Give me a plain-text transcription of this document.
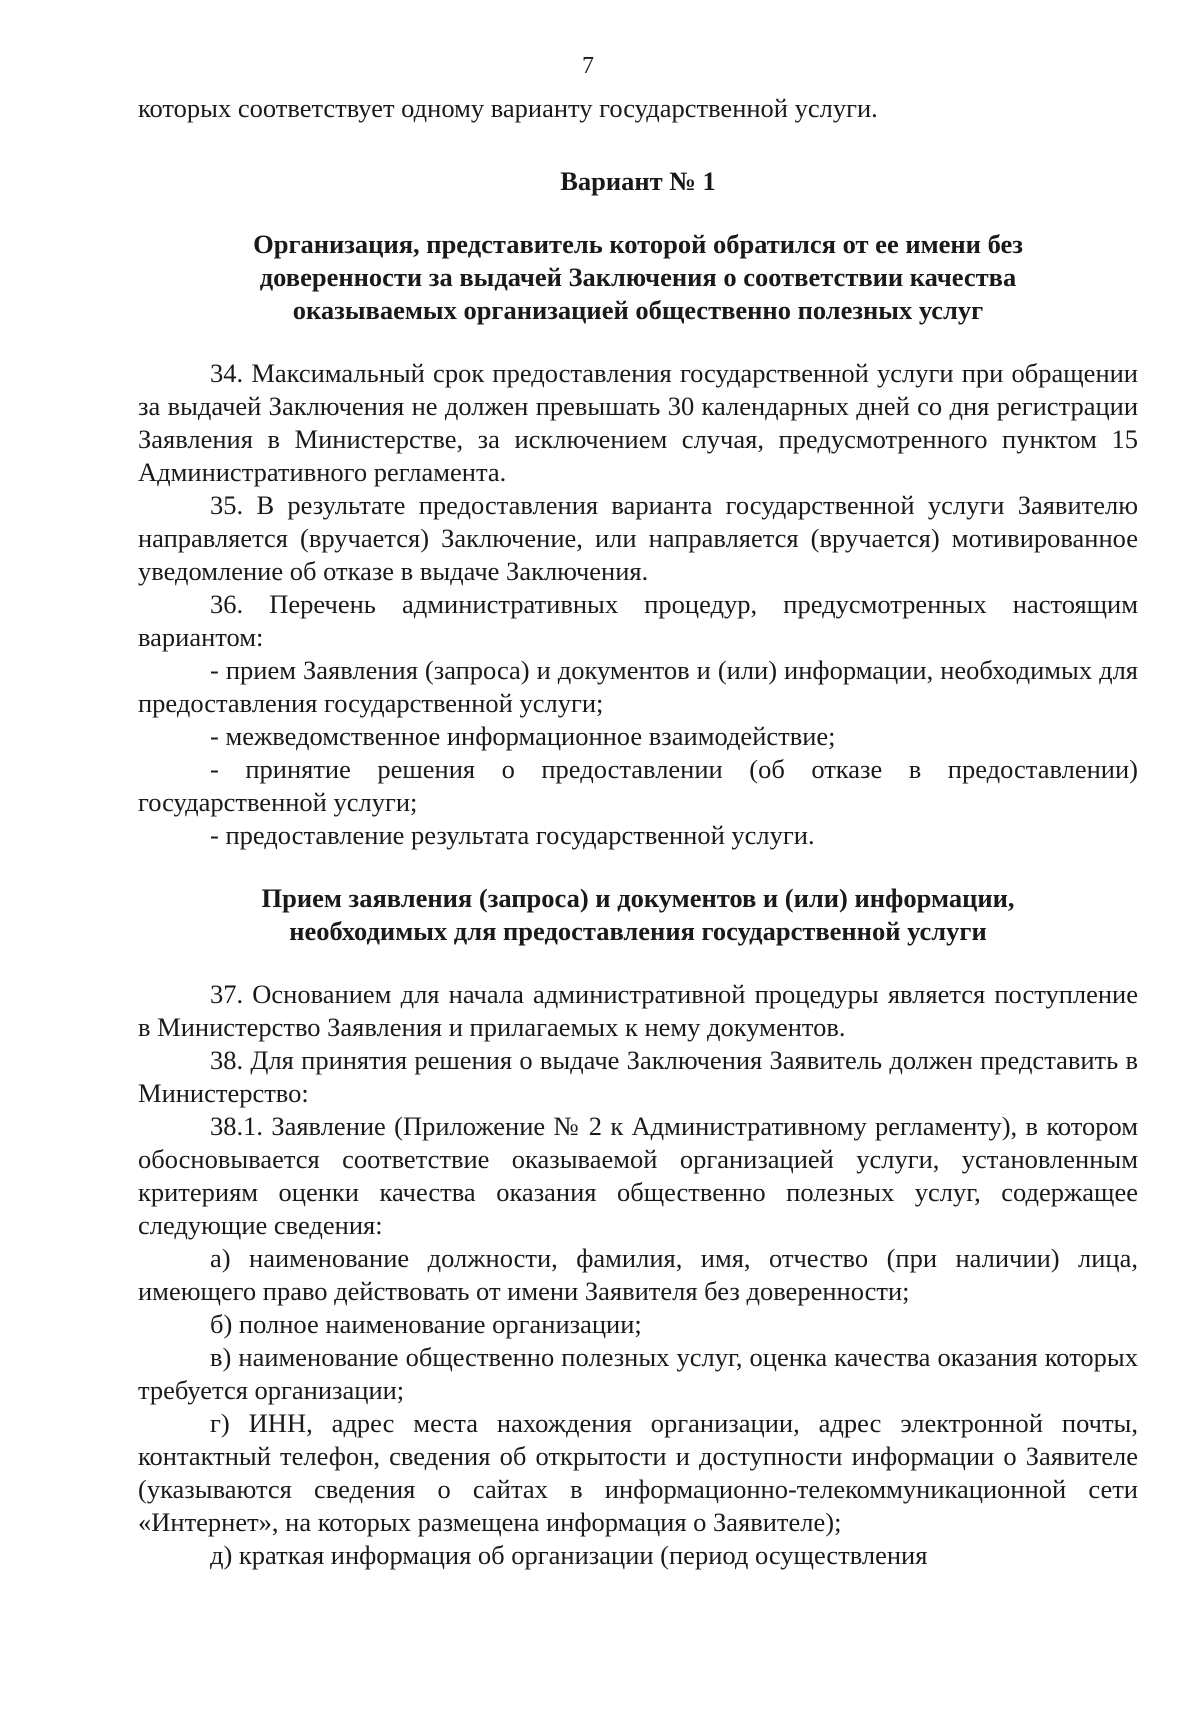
7

которых соответствует одному варианту государственной услуги.

Вариант № 1
Организация, представитель которой обратился от ее имени без
доверенности за выдачей Заключения о соответствии качества
оказываемых организацией общественно полезных услуг

34. Максимальный срок предоставления государственной услуги при обращении за выдачей Заключения не должен превышать 30 календарных дней со дня регистрации Заявления в Министерстве, за исключением случая, предусмотренного пунктом 15 Административного регламента.

35. В результате предоставления варианта государственной услуги Заявителю направляется (вручается) Заключение, или направляется (вручается) мотивированное уведомление об отказе в выдаче Заключения.

36. Перечень административных процедур, предусмотренных настоящим вариантом:

- прием Заявления (запроса) и документов и (или) информации, необходимых для предоставления государственной услуги;

- межведомственное информационное взаимодействие;

- принятие решения о предоставлении (об отказе в предоставлении) государственной услуги;

- предоставление результата государственной услуги.

Прием заявления (запроса) и документов и (или) информации,
необходимых для предоставления государственной услуги

37. Основанием для начала административной процедуры является поступление в Министерство Заявления и прилагаемых к нему документов.

38. Для принятия решения о выдаче Заключения Заявитель должен представить в Министерство:

38.1. Заявление (Приложение № 2 к Административному регламенту), в котором обосновывается соответствие оказываемой организацией услуги, установленным критериям оценки качества оказания общественно полезных услуг, содержащее следующие сведения:

а) наименование должности, фамилия, имя, отчество (при наличии) лица, имеющего право действовать от имени Заявителя без доверенности;

б) полное наименование организации;

в) наименование общественно полезных услуг, оценка качества оказания которых требуется организации;

г) ИНН, адрес места нахождения организации, адрес электронной почты, контактный телефон, сведения об открытости и доступности информации о Заявителе (указываются сведения о сайтах в информационно-телекоммуникационной сети «Интернет», на которых размещена информация о Заявителе);

д) краткая информация об организации (период осуществления
